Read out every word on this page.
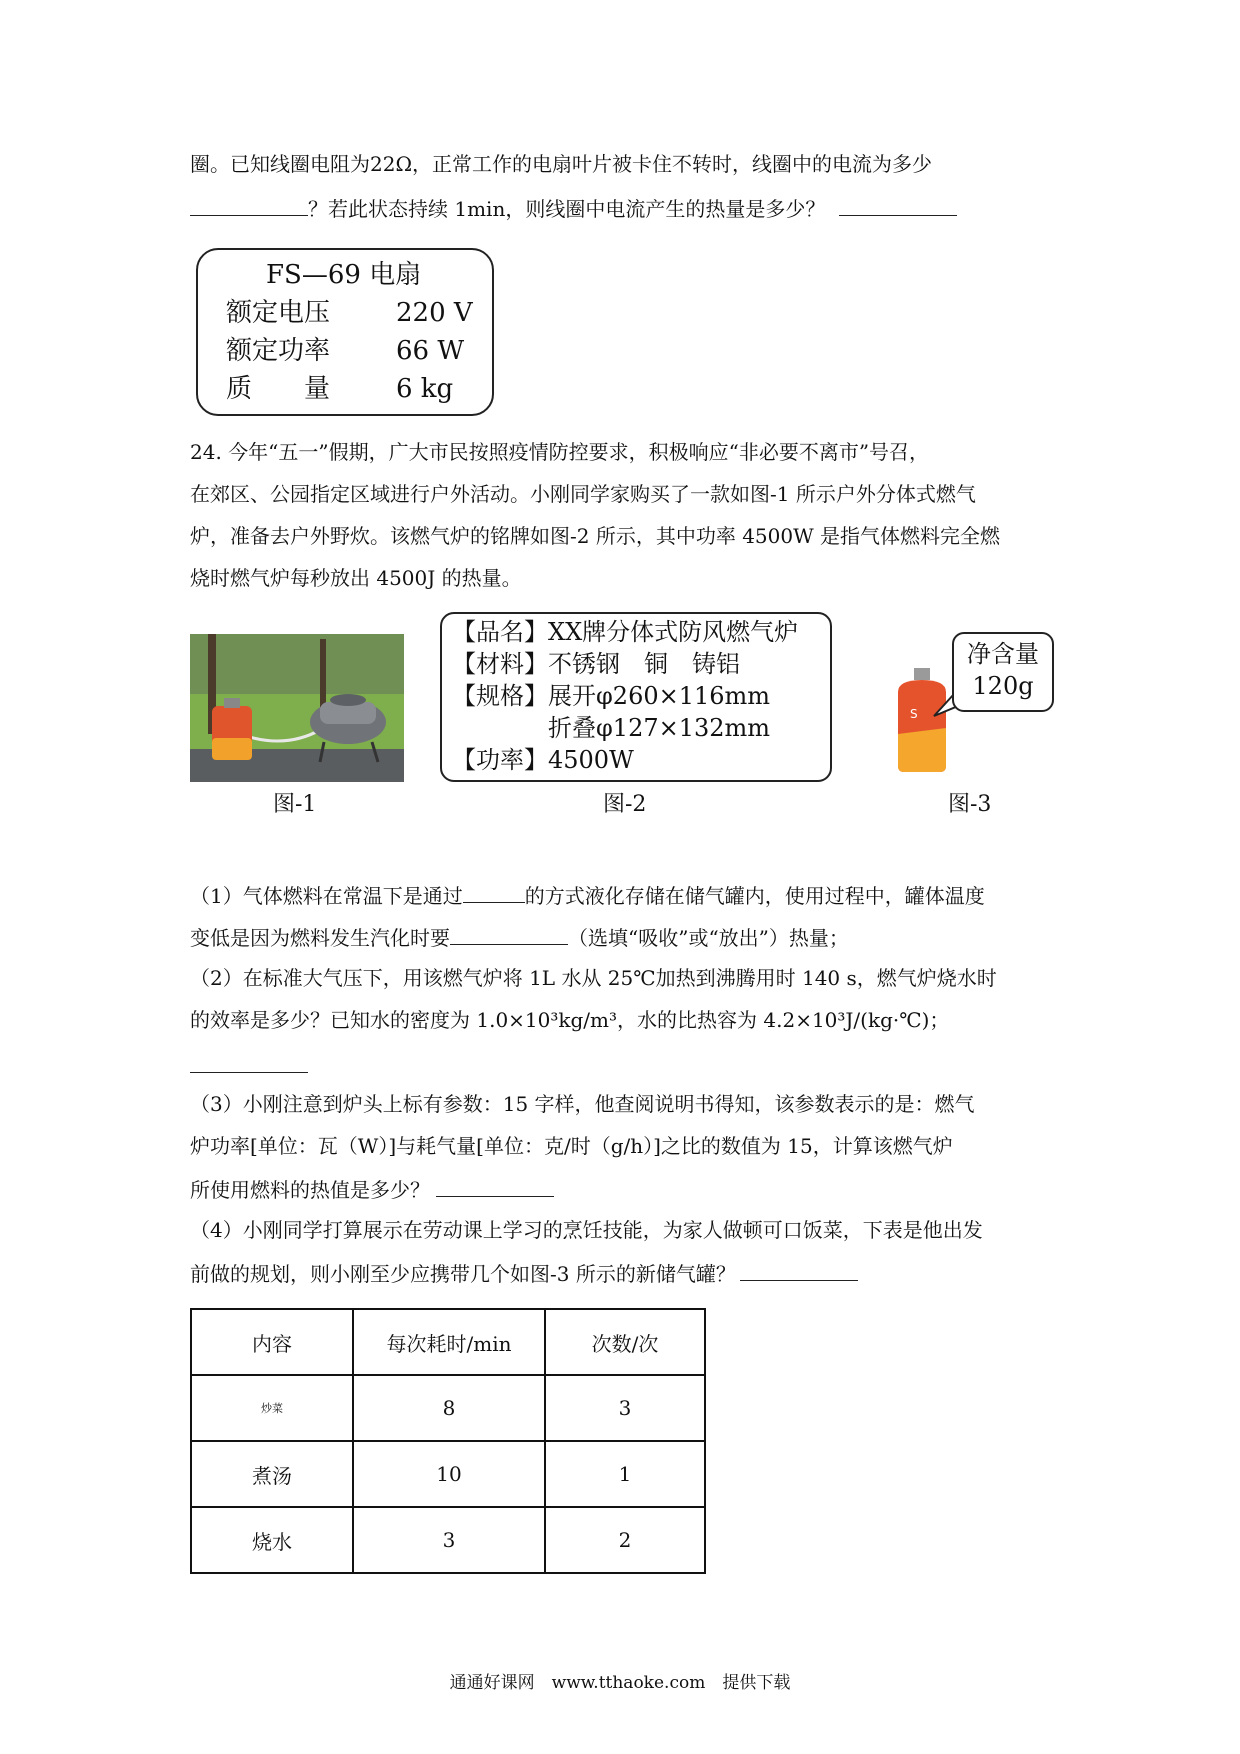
圈。已知线圈电阻为22Ω，正常工作的电扇叶片被卡住不转时，线圈中的电流为多少
？若此状态持续 1min，则线圈中电流产生的热量是多少？
FS—69 电扇
额定电压	220 V
额定功率	66 W
质　　量	6 kg
24. 今年“五一”假期，广大市民按照疫情防控要求，积极响应“非必要不离市”号召，
在郊区、公园指定区域进行户外活动。小刚同学家购买了一款如图-1 所示户外分体式燃气
炉，准备去户外野炊。该燃气炉的铭牌如图-2 所示，其中功率 4500W 是指气体燃料完全燃
烧时燃气炉每秒放出 4500J 的热量。
图-1
【品名】XX牌分体式防风燃气炉
【材料】不锈钢　铜　铸铝
【规格】展开φ260×116mm
　　　　折叠φ127×132mm
【功率】4500W
图-2
S
净含量
120g
图-3
（1）气体燃料在常温下是通过	的方式液化存储在储气罐内，使用过程中，罐体温度
变低是因为燃料发生汽化时要	（选填“吸收”或“放出”）热量；
（2）在标准大气压下，用该燃气炉将 1L 水从 25℃加热到沸腾用时 140 s，燃气炉烧水时
的效率是多少？已知水的密度为 1.0×10³kg/m³，水的比热容为 4.2×10³J/(kg·℃)；
（3）小刚注意到炉头上标有参数：15 字样，他查阅说明书得知，该参数表示的是：燃气
炉功率[单位：瓦（W）]与耗气量[单位：克/时（g/h）]之比的数值为 15，计算该燃气炉
所使用燃料的热值是多少？
（4）小刚同学打算展示在劳动课上学习的烹饪技能，为家人做顿可口饭菜，下表是他出发
前做的规划，则小刚至少应携带几个如图-3 所示的新储气罐？
内容	每次耗时/min	次数/次
炒菜	8	3
煮汤	10	1
烧水	3	2
通通好课网　www.tthaoke.com　提供下载
